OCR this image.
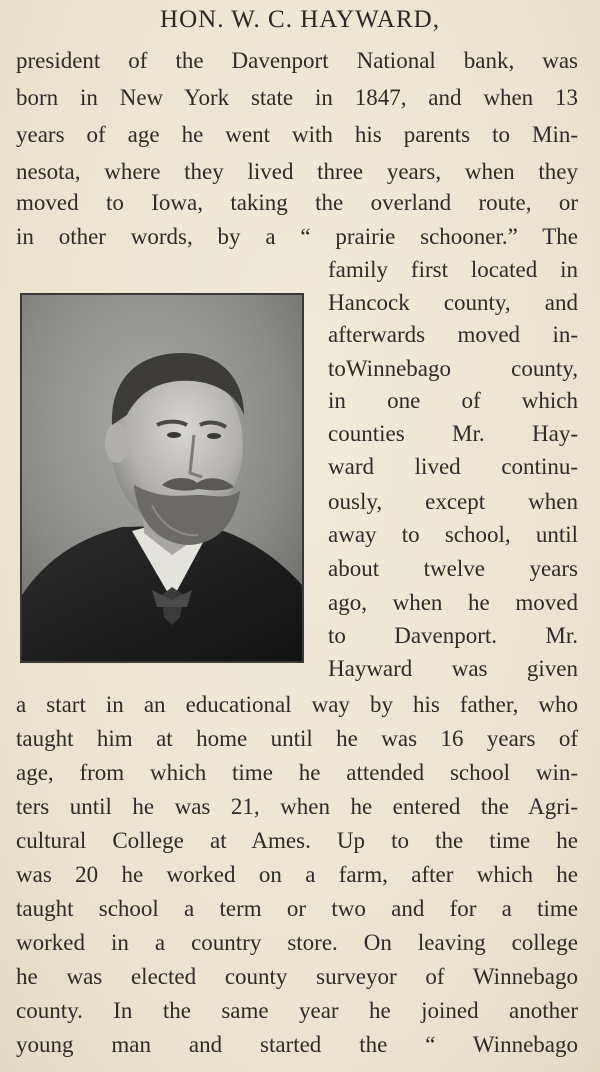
HON. W. C. HAYWARD,
president of the Davenport National bank, was
born in New York state in 1847, and when 13
years of age he went with his parents to Min-
nesota, where they lived three years, when they
moved to Iowa, taking the overland route, or
in other words, by a “ prairie schooner.” The
family first located in
Hancock county, and
afterwards moved in-
toWinnebago county,
in one of which
counties Mr. Hay-
ward lived continu-
ously, except when
away to school, until
about twelve years
ago, when he moved
to Davenport. Mr.
Hayward was given
a start in an educational way by his father, who
taught him at home until he was 16 years of
age, from which time he attended school win-
ters until he was 21, when he entered the Agri-
cultural College at Ames. Up to the time he
was 20 he worked on a farm, after which he
taught school a term or two and for a time
worked in a country store. On leaving college
he was elected county surveyor of Winnebago
county. In the same year he joined another
young man and started the “ Winnebago
